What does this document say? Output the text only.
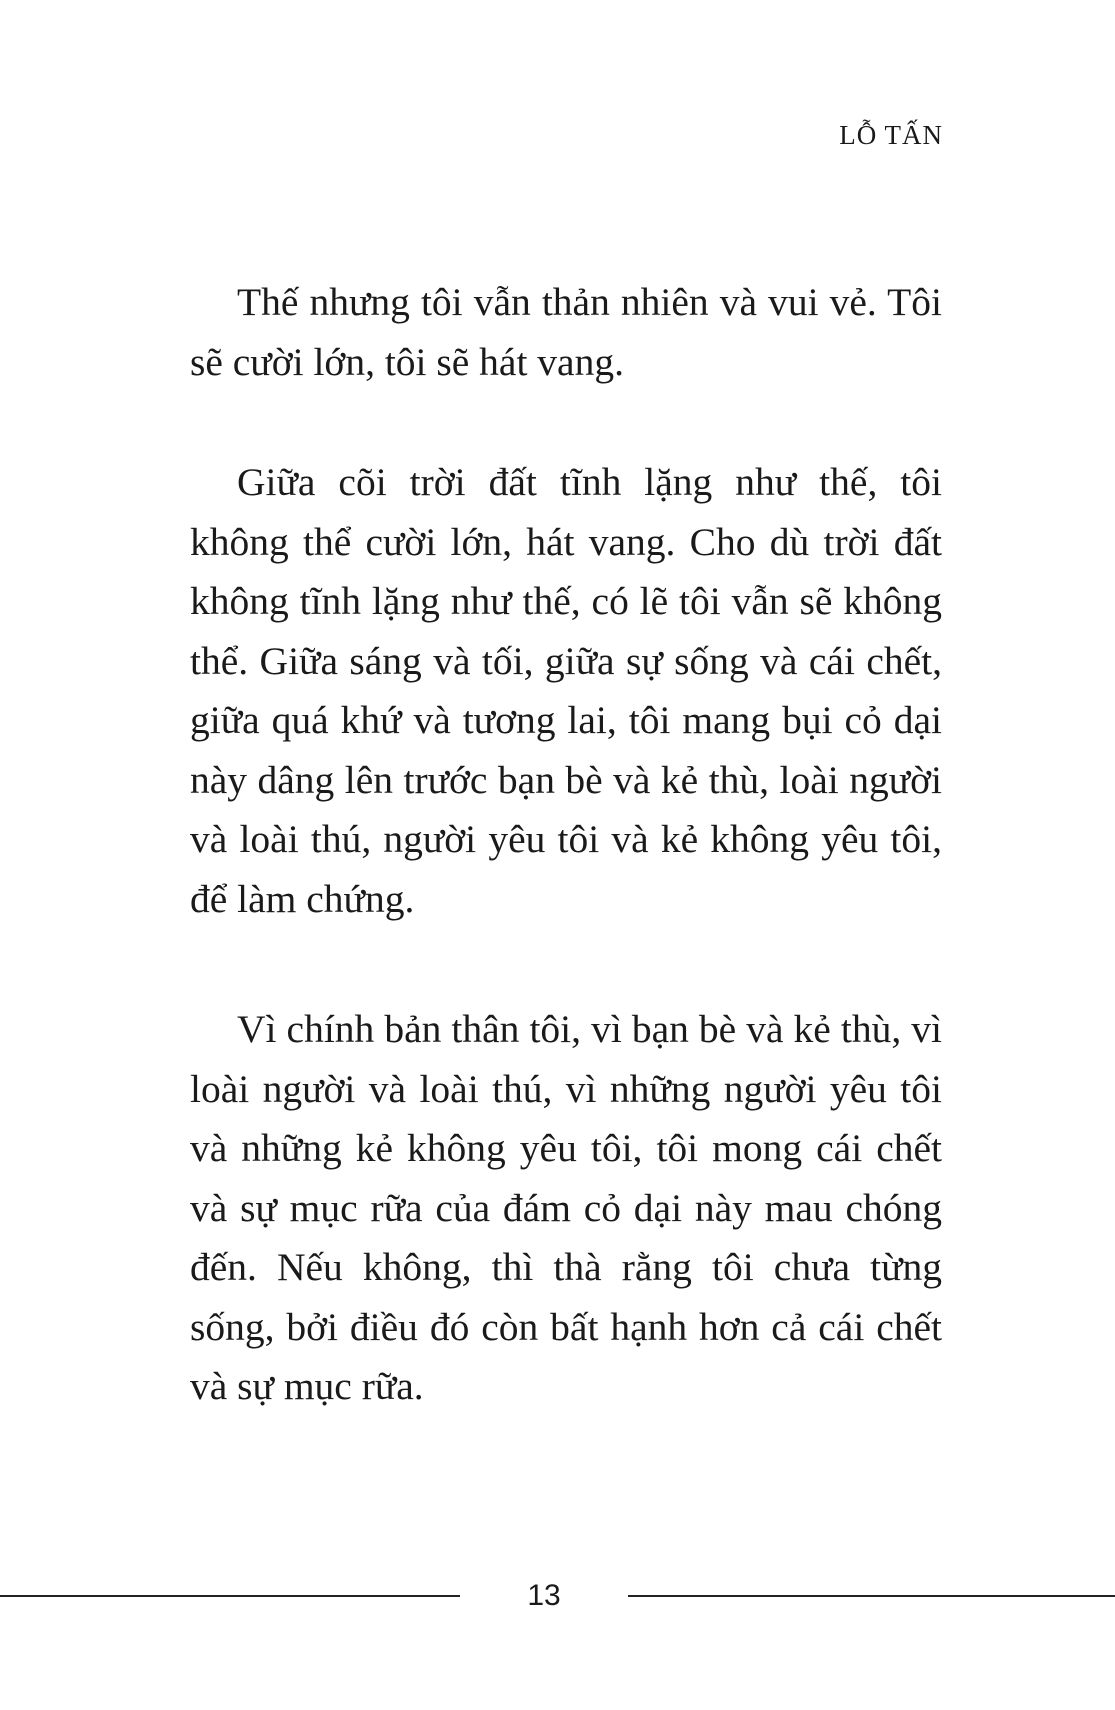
LỖ TẤN

Thế nhưng tôi vẫn thản nhiên và vui vẻ. Tôi sẽ cười lớn, tôi sẽ hát vang.

Giữa cõi trời đất tĩnh lặng như thế, tôi không thể cười lớn, hát vang. Cho dù trời đất không tĩnh lặng như thế, có lẽ tôi vẫn sẽ không thể. Giữa sáng và tối, giữa sự sống và cái chết, giữa quá khứ và tương lai, tôi mang bụi cỏ dại này dâng lên trước bạn bè và kẻ thù, loài người và loài thú, người yêu tôi và kẻ không yêu tôi, để làm chứng.

Vì chính bản thân tôi, vì bạn bè và kẻ thù, vì loài người và loài thú, vì những người yêu tôi và những kẻ không yêu tôi, tôi mong cái chết và sự mục rữa của đám cỏ dại này mau chóng đến. Nếu không, thì thà rằng tôi chưa từng sống, bởi điều đó còn bất hạnh hơn cả cái chết và sự mục rữa.

13
